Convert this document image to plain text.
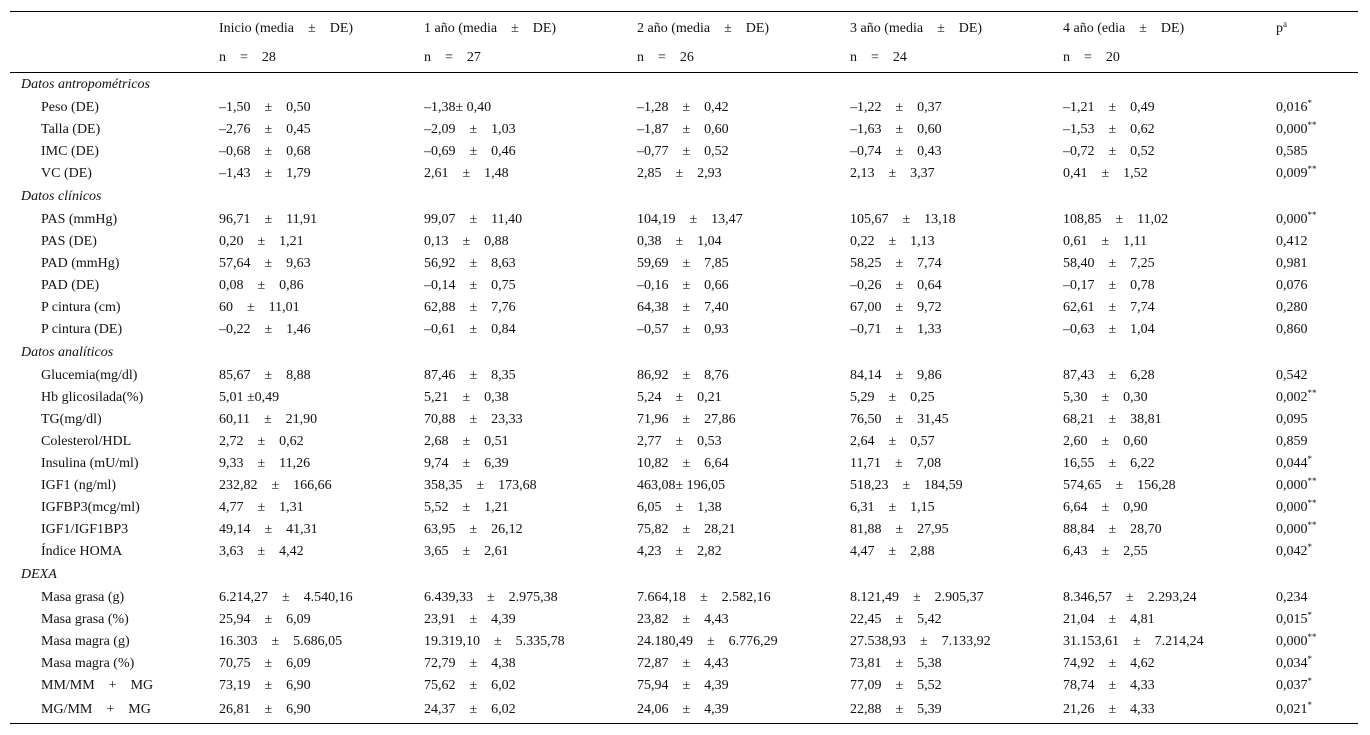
	Inicio (media ± DE)	1 año (media ± DE)	2 año (media ± DE)	3 año (media ± DE)	4 año (edia ± DE)	$p^a$
	n = 28	n = 27	n = 26	n = 24	n = 20	
Datos antropométricos						
Peso (DE)	–1,50 ± 0,50	–1,38± 0,40	–1,28 ± 0,42	–1,22 ± 0,37	–1,21 ± 0,49	0,016*
Talla (DE)	–2,76 ± 0,45	–2,09 ± 1,03	–1,87 ± 0,60	–1,63 ± 0,60	–1,53 ± 0,62	0,000**
IMC (DE)	–0,68 ± 0,68	–0,69 ± 0,46	–0,77 ± 0,52	–0,74 ± 0,43	–0,72 ± 0,52	0,585
VC (DE)	–1,43 ± 1,79	2,61 ± 1,48	2,85 ± 2,93	2,13 ± 3,37	0,41 ± 1,52	0,009**
Datos clínicos						
PAS (mmHg)	96,71 ± 11,91	99,07 ± 11,40	104,19 ± 13,47	105,67 ± 13,18	108,85 ± 11,02	0,000**
PAS (DE)	0,20 ± 1,21	0,13 ± 0,88	0,38 ± 1,04	0,22 ± 1,13	0,61 ± 1,11	0,412
PAD (mmHg)	57,64 ± 9,63	56,92 ± 8,63	59,69 ± 7,85	58,25 ± 7,74	58,40 ± 7,25	0,981
PAD (DE)	0,08 ± 0,86	–0,14 ± 0,75	–0,16 ± 0,66	–0,26 ± 0,64	–0,17 ± 0,78	0,076
P cintura (cm)	60 ± 11,01	62,88 ± 7,76	64,38 ± 7,40	67,00 ± 9,72	62,61 ± 7,74	0,280
P cintura (DE)	–0,22 ± 1,46	–0,61 ± 0,84	–0,57 ± 0,93	–0,71 ± 1,33	–0,63 ± 1,04	0,860
Datos analíticos						
Glucemia(mg/dl)	85,67 ± 8,88	87,46 ± 8,35	86,92 ± 8,76	84,14 ± 9,86	87,43 ± 6,28	0,542
Hb glicosilada(%)	5,01 ±0,49	5,21 ± 0,38	5,24 ± 0,21	5,29 ± 0,25	5,30 ± 0,30	0,002**
TG(mg/dl)	60,11 ± 21,90	70,88 ± 23,33	71,96 ± 27,86	76,50 ± 31,45	68,21 ± 38,81	0,095
Colesterol/HDL	2,72 ± 0,62	2,68 ± 0,51	2,77 ± 0,53	2,64 ± 0,57	2,60 ± 0,60	0,859
Insulina (mU/ml)	9,33 ± 11,26	9,74 ± 6,39	10,82 ± 6,64	11,71 ± 7,08	16,55 ± 6,22	0,044*
IGF1 (ng/ml)	232,82 ± 166,66	358,35 ± 173,68	463,08± 196,05	518,23 ± 184,59	574,65 ± 156,28	0,000**
IGFBP3(mcg/ml)	4,77 ± 1,31	5,52 ± 1,21	6,05 ± 1,38	6,31 ± 1,15	6,64 ± 0,90	0,000**
IGF1/IGF1BP3	49,14 ± 41,31	63,95 ± 26,12	75,82 ± 28,21	81,88 ± 27,95	88,84 ± 28,70	0,000**
Índice HOMA	3,63 ± 4,42	3,65 ± 2,61	4,23 ± 2,82	4,47 ± 2,88	6,43 ± 2,55	0,042*
DEXA						
Masa grasa (g)	6.214,27 ± 4.540,16	6.439,33 ± 2.975,38	7.664,18 ± 2.582,16	8.121,49 ± 2.905,37	8.346,57 ± 2.293,24	0,234
Masa grasa (%)	25,94 ± 6,09	23,91 ± 4,39	23,82 ± 4,43	22,45 ± 5,42	21,04 ± 4,81	0,015*
Masa magra (g)	16.303 ± 5.686,05	19.319,10 ± 5.335,78	24.180,49 ± 6.776,29	27.538,93 ± 7.133,92	31.153,61 ± 7.214,24	0,000**
Masa magra (%)	70,75 ± 6,09	72,79 ± 4,38	72,87 ± 4,43	73,81 ± 5,38	74,92 ± 4,62	0,034*
MM/MM + MG	73,19 ± 6,90	75,62 ± 6,02	75,94 ± 4,39	77,09 ± 5,52	78,74 ± 4,33	0,037*
MG/MM + MG	26,81 ± 6,90	24,37 ± 6,02	24,06 ± 4,39	22,88 ± 5,39	21,26 ± 4,33	0,021*
